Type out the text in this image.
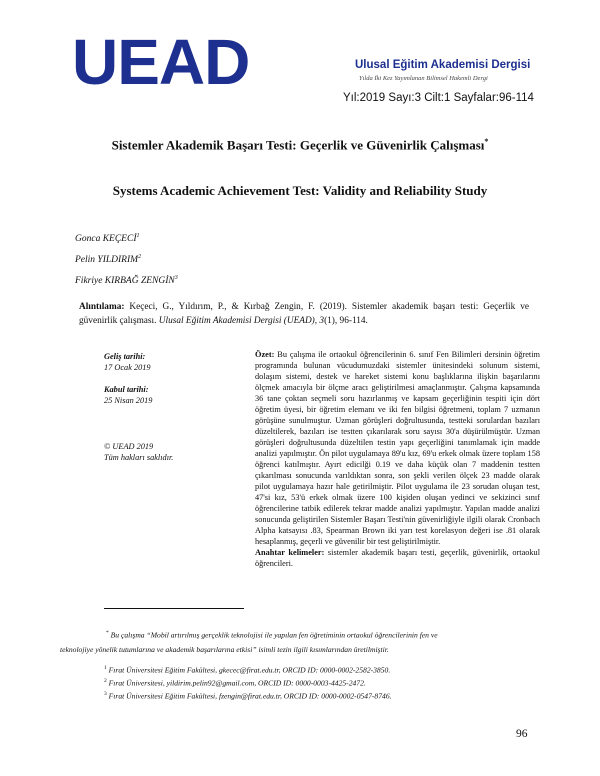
UEAD	Ulusal Eğitim Akademisi Dergisi
Yılda İki Kez Yayımlanan Bilimsel Hakemli Dergi
Yıl:2019 Sayı:3 Cilt:1 Sayfalar:96-114
Sistemler Akademik Başarı Testi: Geçerlik ve Güvenirlik Çalışması*
Systems Academic Achievement Test: Validity and Reliability Study
Gonca KEÇECİ$^1$
Pelin YILDIRIM$^2$
Fikriye KIRBAĞ ZENGİN$^3$
Alıntılama: Keçeci, G., Yıldırım, P., & Kırbağ Zengin, F. (2019). Sistemler akademik başarı testi: Geçerlik ve güvenirlik çalışması. Ulusal Eğitim Akademisi Dergisi (UEAD), 3(1), 96-114.
Geliş tarihi:
17 Ocak 2019
Kabul tarihi:
25 Nisan 2019
© UEAD 2019
Tüm hakları saklıdır.
Özet: Bu çalışma ile ortaokul öğrencilerinin 6. sınıf Fen Bilimleri dersinin öğretim programında bulunan vücudumuzdaki sistemler ünitesindeki solunum sistemi, dolaşım sistemi, destek ve hareket sistemi konu başlıklarına ilişkin başarılarını ölçmek amacıyla bir ölçme aracı geliştirilmesi amaçlanmıştır. Çalışma kapsamında 36 tane çoktan seçmeli soru hazırlanmış ve kapsam geçerliğinin tespiti için dört öğretim üyesi, bir öğretim elemanı ve iki fen bilgisi öğretmeni, toplam 7 uzmanın görüşüne sunulmuştur. Uzman görüşleri doğrultusunda, testteki sorulardan bazıları düzeltilerek, bazıları ise testten çıkarılarak soru sayısı 30'a düşürülmüştür. Uzman görüşleri doğrultusunda düzeltilen testin yapı geçerliğini tanımlamak için madde analizi yapılmıştır. Ön pilot uygulamaya 89'u kız, 69'u erkek olmak üzere toplam 158 öğrenci katılmıştır. Ayırt edicilği 0.19 ve daha küçük olan 7 maddenin testten çıkarılması sonucunda varıldıktan sonra, son şekli verilen ölçek 23 madde olarak pilot uygulamaya hazır hale getirilmiştir. Pilot uygulama ile 23 sorudan oluşan test, 47'si kız, 53'ü erkek olmak üzere 100 kişiden oluşan yedinci ve sekizinci sınıf öğrencilerine tatbik edilerek tekrar madde analizi yapılmıştır. Yapılan madde analizi sonucunda geliştirilen Sistemler Başarı Testi'nin güvenirliğiyle ilgili olarak Cronbach Alpha katsayısı .83, Spearman Brown iki yarı test korelasyon değeri ise .81 olarak hesaplanmış, geçerli ve güvenilir bir test geliştirilmiştir.
Anahtar kelimeler: sistemler akademik başarı testi, geçerlik, güvenirlik, ortaokul öğrencileri.
* Bu çalışma “Mobil artırılmış gerçeklik teknolojisi ile yapılan fen öğretiminin ortaokul öğrencilerinin fen ve
teknolojiye yönelik tutumlarına ve akademik başarılarına etkisi” isimli tezin ilgili kısımlarından üretilmiştir.
$^1$ Fırat Üniversitesi Eğitim Fakültesi, gkecec@firat.edu.tr, ORCID ID: 0000-0002-2582-3850.
$^2$ Fırat Üniversitesi, yildirim.pelin92@gmail.com, ORCID ID: 0000-0003-4425-2472.
$^3$ Fırat Üniversitesi Eğitim Fakültesi, fzengin@firat.edu.tr, ORCID ID: 0000-0002-0547-8746.
96
